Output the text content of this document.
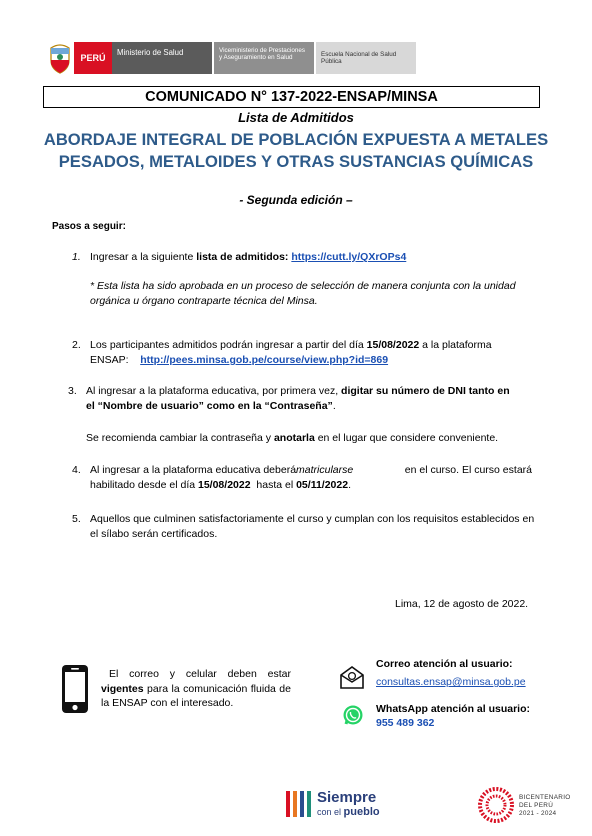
PERÚ
Ministerio de Salud	Viceministerio de Prestaciones y Aseguramiento en Salud	Escuela Nacional de Salud Pública
COMUNICADO N° 137-2022-ENSAP/MINSA
Lista de Admitidos
ABORDAJE INTEGRAL DE POBLACIÓN EXPUESTA A METALES PESADOS, METALOIDES Y OTRAS SUSTANCIAS QUÍMICAS
- Segunda edición –
Pasos a seguir:
1. Ingresar a la siguiente lista de admitidos: https://cutt.ly/QXrOPs4
* Esta lista ha sido aprobada en un proceso de selección de manera conjunta con la unidad orgánica u órgano contraparte técnica del Minsa.
2. Los participantes admitidos podrán ingresar a partir del día 15/08/2022 a la plataforma
ENSAP: http://pees.minsa.gob.pe/course/view.php?id=869
3. Al ingresar a la plataforma educativa, por primera vez, digitar su número de DNI tanto en
el “Nombre de usuario” como en la “Contraseña”.
Se recomienda cambiar la contraseña y anotarla en el lugar que considere conveniente.
4. Al ingresar a la plataforma educativa deberá matricularse	en el curso. El curso estará
habilitado desde el día 15/08/2022  hasta el 05/11/2022.
5. Aquellos que culminen satisfactoriamente el curso y cumplan con los requisitos establecidos en el sílabo serán certificados.
Lima, 12 de agosto de 2022.
El correo y celular deben estar vigentes para la comunicación fluida de la ENSAP con el interesado.
Correo atención al usuario:
consultas.ensap@minsa.gob.pe
WhatsApp atención al usuario:
955 489 362
Siempre
con el pueblo
BICENTENARIO
DEL PERÚ
2021 - 2024
